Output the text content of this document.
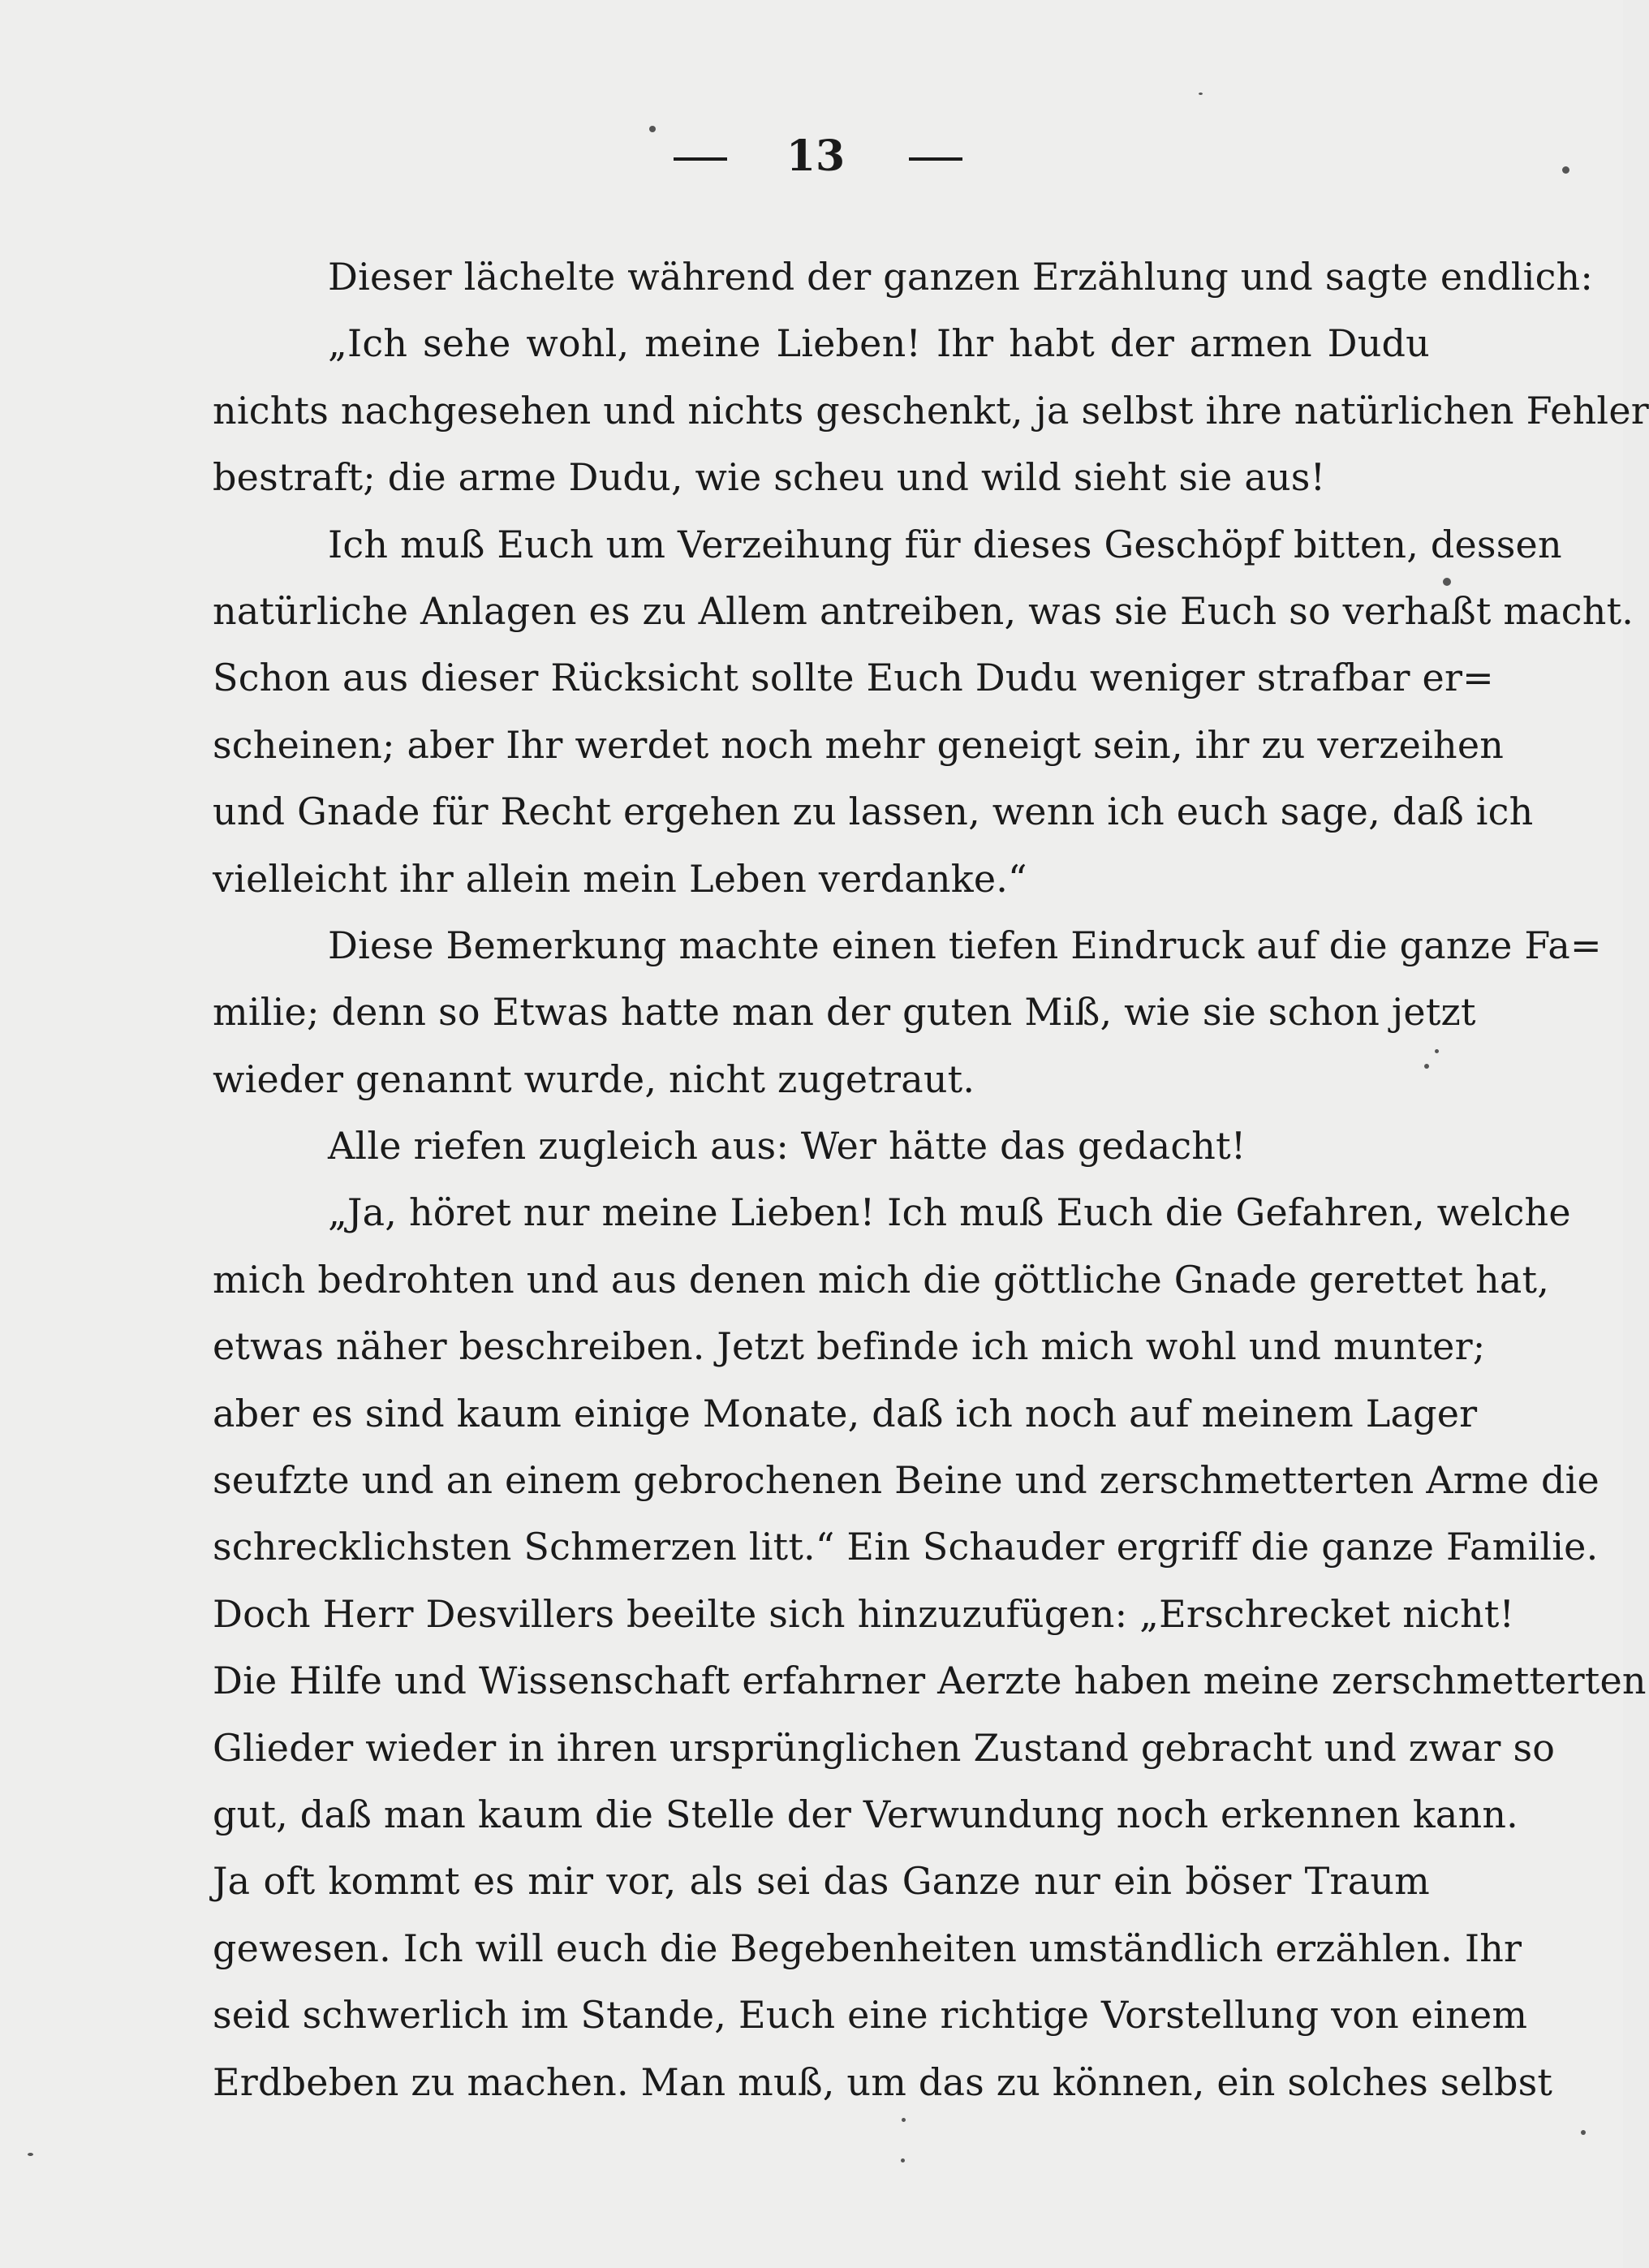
13
Dieser lächelte während der ganzen Erzählung und sagte endlich:
„Ich sehe wohl, meine Lieben! Ihr habt der armen Dudu
nichts nachgesehen und nichts geschenkt, ja selbst ihre natürlichen Fehler
bestraft; die arme Dudu, wie scheu und wild sieht sie aus!
Ich muß Euch um Verzeihung für dieses Geschöpf bitten, dessen
natürliche Anlagen es zu Allem antreiben, was sie Euch so verhaßt macht.
Schon aus dieser Rücksicht sollte Euch Dudu weniger strafbar er=
scheinen; aber Ihr werdet noch mehr geneigt sein, ihr zu verzeihen
und Gnade für Recht ergehen zu lassen, wenn ich euch sage, daß ich
vielleicht ihr allein mein Leben verdanke.“
Diese Bemerkung machte einen tiefen Eindruck auf die ganze Fa=
milie; denn so Etwas hatte man der guten Miß, wie sie schon jetzt
wieder genannt wurde, nicht zugetraut.
Alle riefen zugleich aus: Wer hätte das gedacht!
„Ja, höret nur meine Lieben! Ich muß Euch die Gefahren, welche
mich bedrohten und aus denen mich die göttliche Gnade gerettet hat,
etwas näher beschreiben. Jetzt befinde ich mich wohl und munter;
aber es sind kaum einige Monate, daß ich noch auf meinem Lager
seufzte und an einem gebrochenen Beine und zerschmetterten Arme die
schrecklichsten Schmerzen litt.“ Ein Schauder ergriff die ganze Familie.
Doch Herr Desvillers beeilte sich hinzuzufügen: „Erschrecket nicht!
Die Hilfe und Wissenschaft erfahrner Aerzte haben meine zerschmetterten
Glieder wieder in ihren ursprünglichen Zustand gebracht und zwar so
gut, daß man kaum die Stelle der Verwundung noch erkennen kann.
Ja oft kommt es mir vor, als sei das Ganze nur ein böser Traum
gewesen. Ich will euch die Begebenheiten umständlich erzählen. Ihr
seid schwerlich im Stande, Euch eine richtige Vorstellung von einem
Erdbeben zu machen. Man muß, um das zu können, ein solches selbst
